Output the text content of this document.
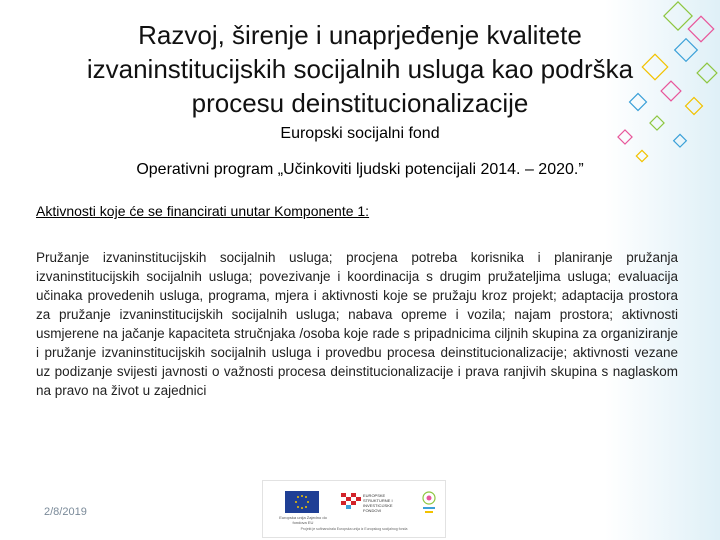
Razvoj, širenje i unaprjeđenje kvalitete izvaninstitucijskih socijalnih usluga kao podrška procesu deinstitucionalizacije
Europski socijalni fond
Operativni program „Učinkoviti ljudski potencijali 2014. – 2020.”
Aktivnosti koje će se financirati unutar Komponente 1:
Pružanje izvaninstitucijskih socijalnih usluga; procjena potreba korisnika i planiranje pružanja izvaninstitucijskih socijalnih usluga; povezivanje i koordinacija s drugim pružateljima usluga; evaluacija učinaka provedenih usluga, programa, mjera i aktivnosti koje se pružaju kroz projekt; adaptacija prostora za pružanje izvaninstitucijskih socijalnih usluga; nabava opreme i vozila; najam prostora; aktivnosti usmjerene na jačanje kapaciteta stručnjaka /osoba koje rade s pripadnicima ciljnih skupina za organiziranje i pružanje izvaninstitucijskih socijalnih usluga i provedbu procesa deinstitucionalizacije; aktivnosti vezane uz podizanje svijesti javnosti o važnosti procesa deinstitucionalizacije i prava ranjivih skupina s naglaskom na pravo na život u zajednici
2/8/2019	Europska unija Zajedno do fondova EU
EUROPSKE STRUKTURNE I INVESTICIJSKE FONDOVI
Projekt je sufinancirala Europska unija iz Europskog socijalnog fonda
